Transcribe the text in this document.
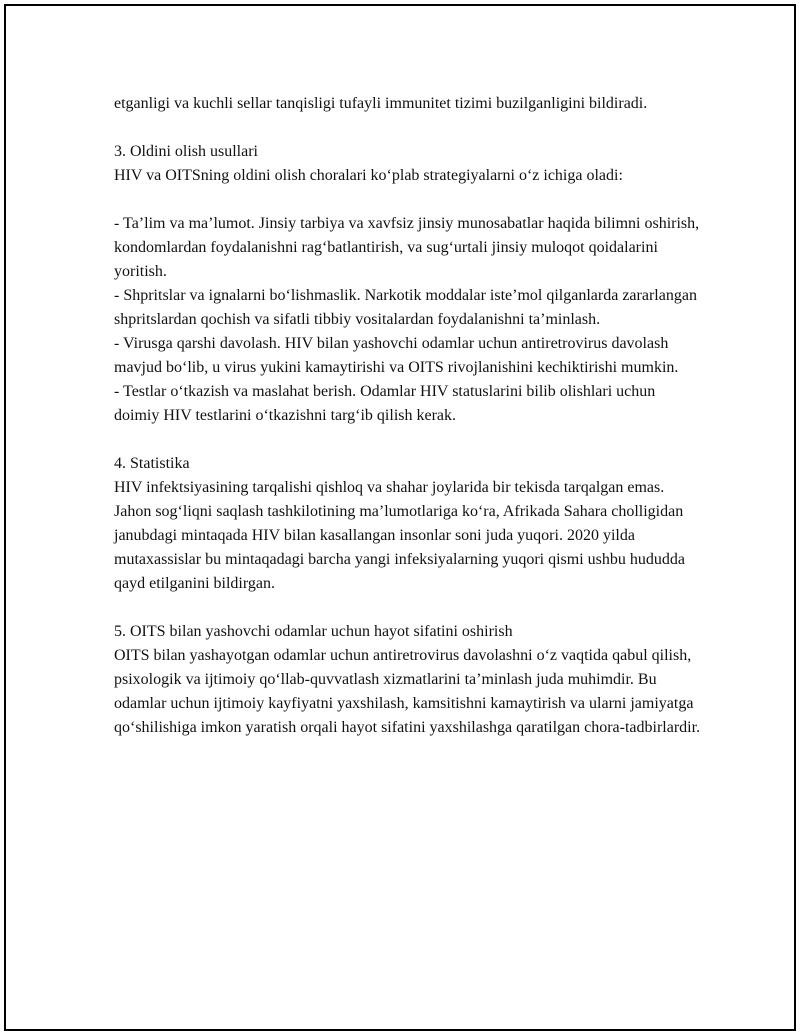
etganligi va kuchli sellar tanqisligi tufayli immunitet tizimi buzilganligini bildiradi.

3. Oldini olish usullari

HIV va OITSning oldini olish choralari ko‘plab strategiyalarni o‘z ichiga oladi:

- Ta’lim va ma’lumot. Jinsiy tarbiya va xavfsiz jinsiy munosabatlar haqida bilimni oshirish, kondomlardan foydalanishni rag‘batlantirish, va sug‘urtali jinsiy muloqot qoidalarini yoritish.
- Shpritslar va ignalarni bo‘lishmaslik. Narkotik moddalar iste’mol qilganlarda zararlangan shpritslardan qochish va sifatli tibbiy vositalardan foydalanishni ta’minlash.
- Virusga qarshi davolash. HIV bilan yashovchi odamlar uchun antiretrovirus davolash mavjud bo‘lib, u virus yukini kamaytirishi va OITS rivojlanishini kechiktirishi mumkin.
- Testlar o‘tkazish va maslahat berish. Odamlar HIV statuslarini bilib olishlari uchun doimiy HIV testlarini o‘tkazishni targ‘ib qilish kerak.
4. Statistika

HIV infektsiyasining tarqalishi qishloq va shahar joylarida bir tekisda tarqalgan emas. Jahon sog‘liqni saqlash tashkilotining ma’lumotlariga ko‘ra, Afrikada Sahara cholligidan janubdagi mintaqada HIV bilan kasallangan insonlar soni juda yuqori. 2020 yilda mutaxassislar bu mintaqadagi barcha yangi infeksiyalarning yuqori qismi ushbu hududda qayd etilganini bildirgan.

5. OITS bilan yashovchi odamlar uchun hayot sifatini oshirish

OITS bilan yashayotgan odamlar uchun antiretrovirus davolashni o‘z vaqtida qabul qilish, psixologik va ijtimoiy qo‘llab-quvvatlash xizmatlarini ta’minlash juda muhimdir. Bu odamlar uchun ijtimoiy kayfiyatni yaxshilash, kamsitishni kamaytirish va ularni jamiyatga qo‘shilishiga imkon yaratish orqali hayot sifatini yaxshilashga qaratilgan chora-tadbirlardir.
